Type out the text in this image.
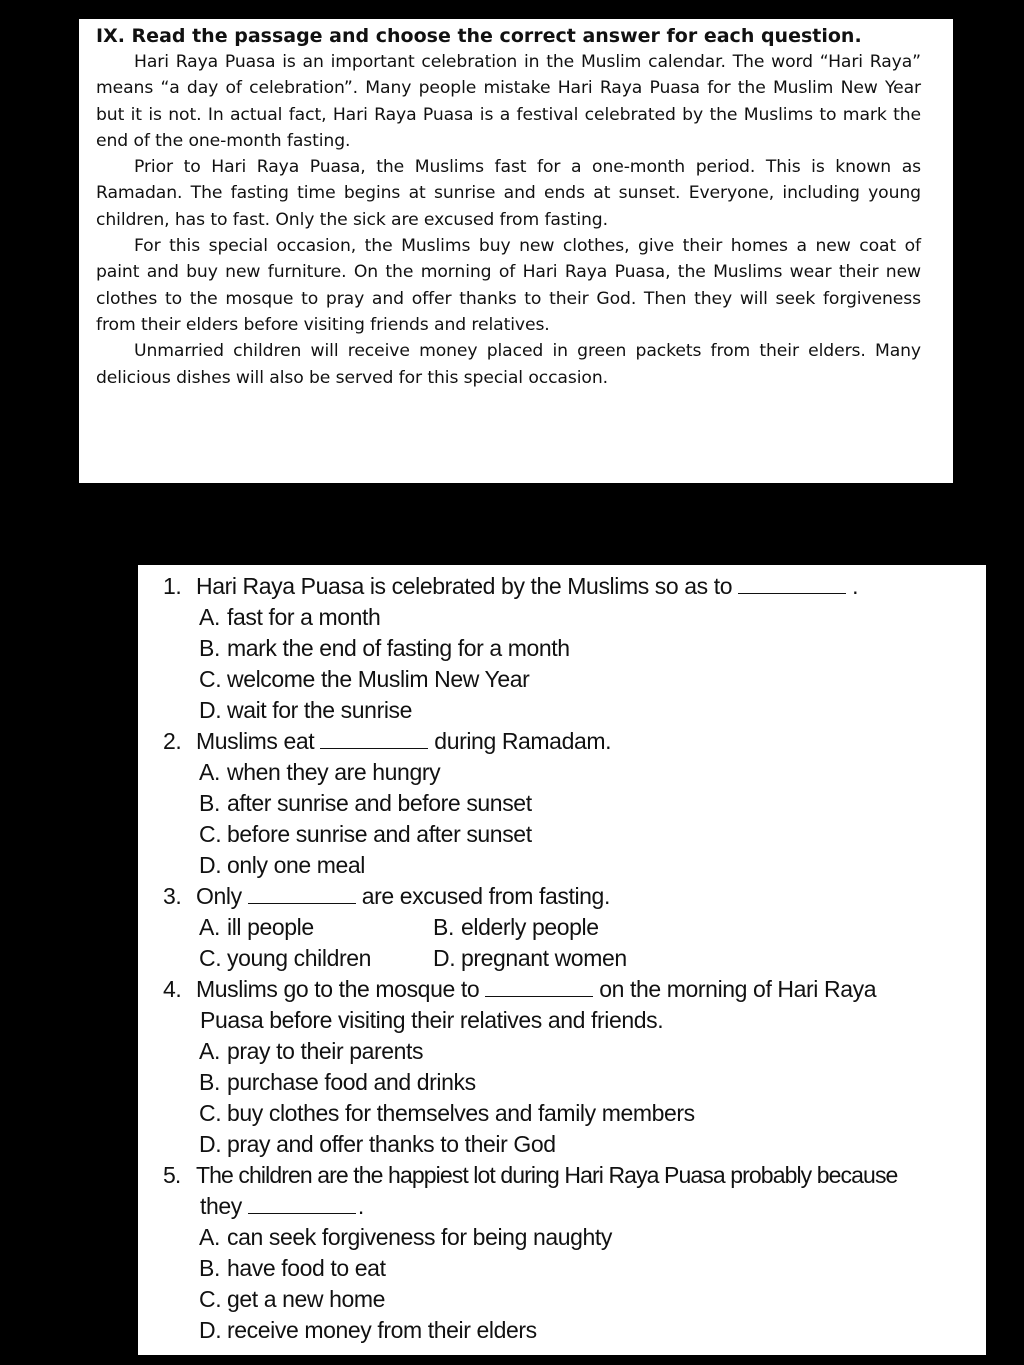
IX. Read the passage and choose the correct answer for each question.

Hari Raya Puasa is an important celebration in the Muslim calendar. The word “Hari Raya” means “a day of celebration”. Many people mistake Hari Raya Puasa for the Muslim New Year but it is not. In actual fact, Hari Raya Puasa is a festival celebrated by the Muslims to mark the end of the one-month fasting.

Prior to Hari Raya Puasa, the Muslims fast for a one-month period. This is known as Ramadan. The fasting time begins at sunrise and ends at sunset. Everyone, including young children, has to fast. Only the sick are excused from fasting.

For this special occasion, the Muslims buy new clothes, give their homes a new coat of paint and buy new furniture. On the morning of Hari Raya Puasa, the Muslims wear their new clothes to the mosque to pray and offer thanks to their God. Then they will seek forgiveness from their elders before visiting friends and relatives.

Unmarried children will receive money placed in green packets from their elders. Many delicious dishes will also be served for this special occasion.

1. Hari Raya Puasa is celebrated by the Muslims so as to	.
A. fast for a month
B. mark the end of fasting for a month
C. welcome the Muslim New Year
D. wait for the sunrise
2. Muslims eat	during Ramadam.
A. when they are hungry
B. after sunrise and before sunset
C. before sunrise and after sunset
D. only one meal
3. Only	are excused from fasting.
A. ill people	B. elderly people
C. young children	D. pregnant women
4. Muslims go to the mosque to	on the morning of Hari Raya
Puasa before visiting their relatives and friends.
A. pray to their parents
B. purchase food and drinks
C. buy clothes for themselves and family members
D. pray and offer thanks to their God
5. The children are the happiest lot during Hari Raya Puasa probably because
they	.
A. can seek forgiveness for being naughty
B. have food to eat
C. get a new home
D. receive money from their elders
